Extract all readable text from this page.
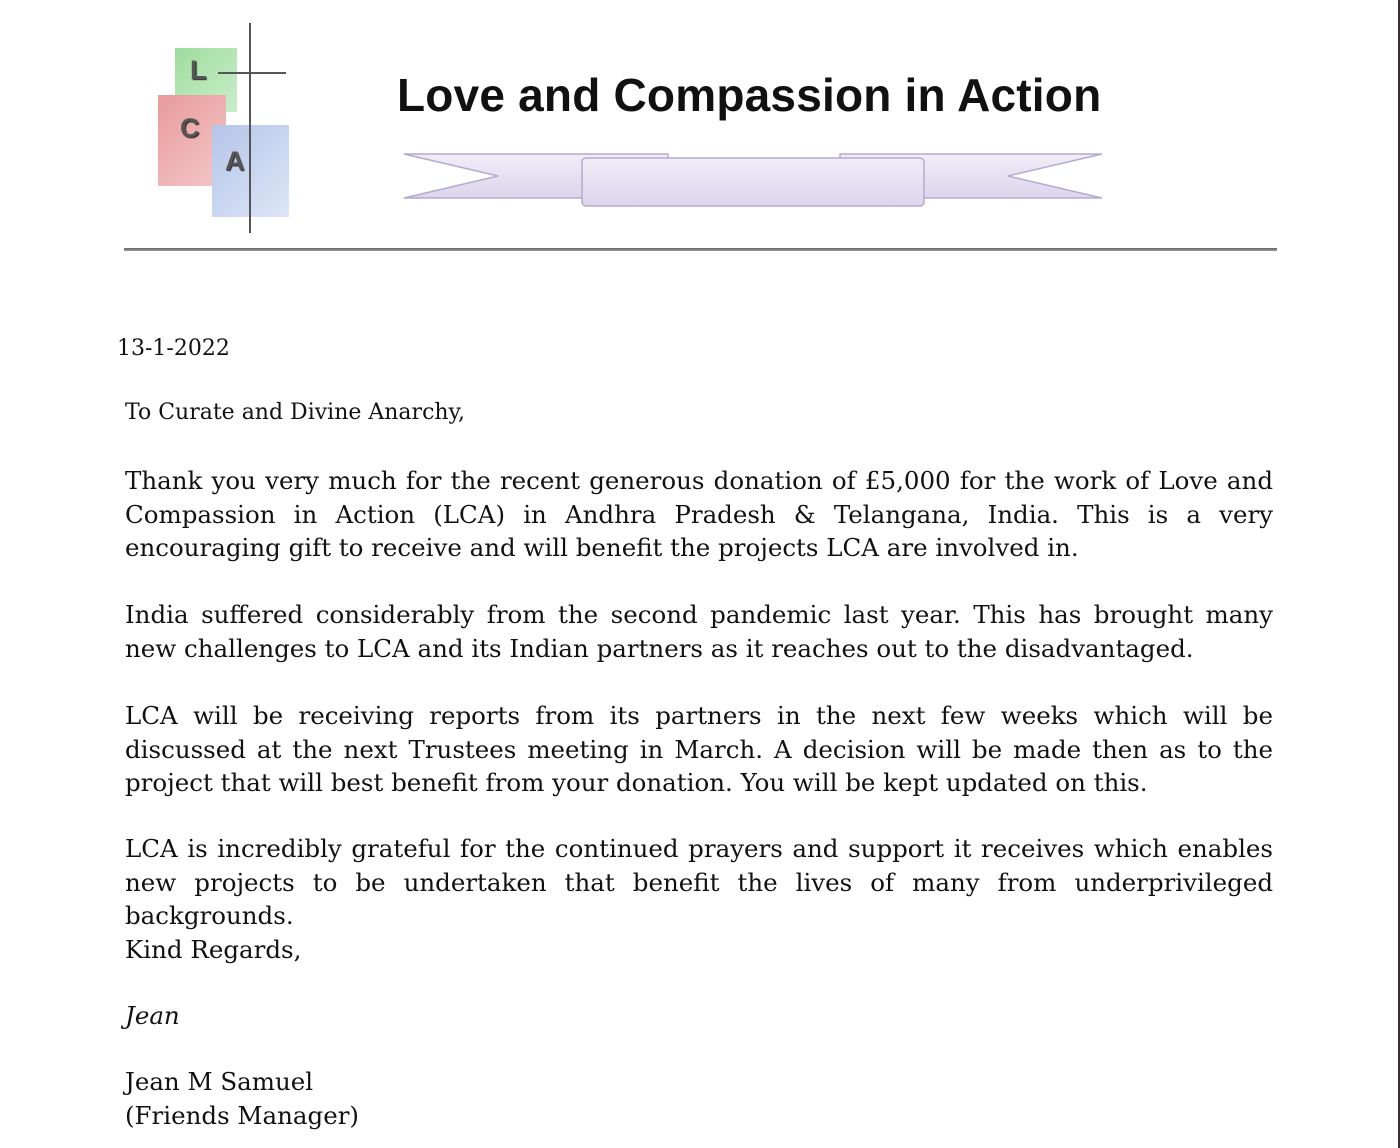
L
C
A
Love and Compassion in Action
13-1-2022
To Curate and Divine Anarchy,
Thank you very much for the recent generous donation of £5,000 for the work of Love and Compassion in Action (LCA) in Andhra Pradesh & Telangana, India. This is a very encouraging gift to receive and will benefit the projects LCA are involved in.
India suffered considerably from the second pandemic last year. This has brought many new challenges to LCA and its Indian partners as it reaches out to the disadvantaged.
LCA will be receiving reports from its partners in the next few weeks which will be discussed at the next Trustees meeting in March. A decision will be made then as to the project that will best benefit from your donation. You will be kept updated on this.
LCA is incredibly grateful for the continued prayers and support it receives which enables new projects to be undertaken that benefit the lives of many from underprivileged backgrounds.
Kind Regards,
Jean
Jean M Samuel
(Friends Manager)
